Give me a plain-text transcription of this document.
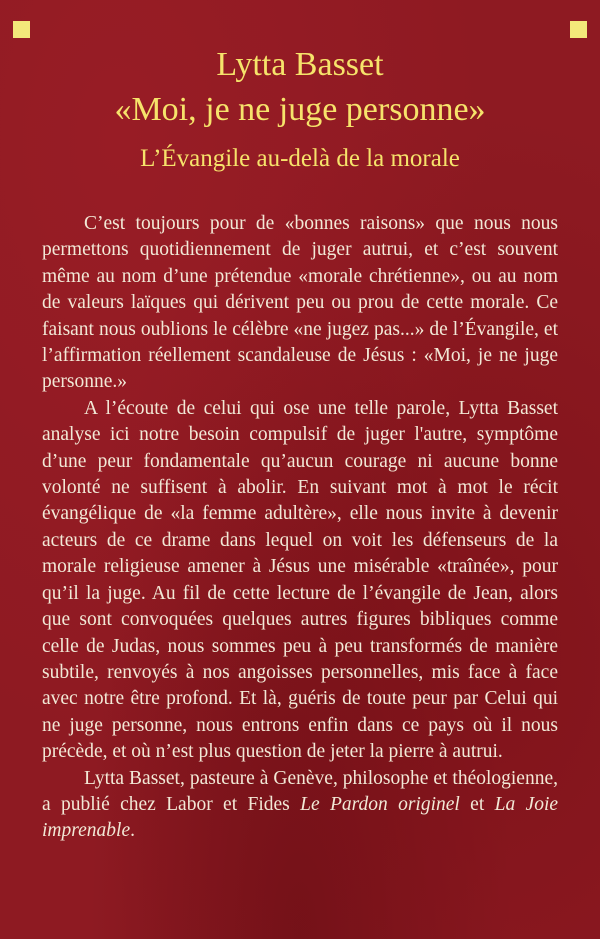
Lytta Basset
«Moi, je ne juge personne»
L’Évangile au-delà de la morale

C’est toujours pour de «bonnes raisons» que nous nous permettons quotidiennement de juger autrui, et c’est souvent même au nom d’une prétendue «morale chrétienne», ou au nom de valeurs laïques qui dérivent peu ou prou de cette morale. Ce faisant nous oublions le célèbre «ne jugez pas...» de l’Évangile, et l’affirmation réellement scandaleuse de Jésus : «Moi, je ne juge personne.»

A l’écoute de celui qui ose une telle parole, Lytta Basset analyse ici notre besoin compulsif de juger l'autre, symptôme d’une peur fondamentale qu’aucun courage ni aucune bonne volonté ne suffisent à abolir. En suivant mot à mot le récit évangélique de «la femme adultère», elle nous invite à devenir acteurs de ce drame dans lequel on voit les défenseurs de la morale religieuse amener à Jésus une misérable «traînée», pour qu’il la juge. Au fil de cette lecture de l’évangile de Jean, alors que sont convoquées quelques autres figures bibliques comme celle de Judas, nous sommes peu à peu transformés de manière subtile, renvoyés à nos angoisses personnelles, mis face à face avec notre être profond. Et là, guéris de toute peur par Celui qui ne juge personne, nous entrons enfin dans ce pays où il nous précède, et où n’est plus question de jeter la pierre à autrui.

Lytta Basset, pasteure à Genève, philosophe et théologienne, a publié chez Labor et Fides Le Pardon originel et La Joie imprenable.
